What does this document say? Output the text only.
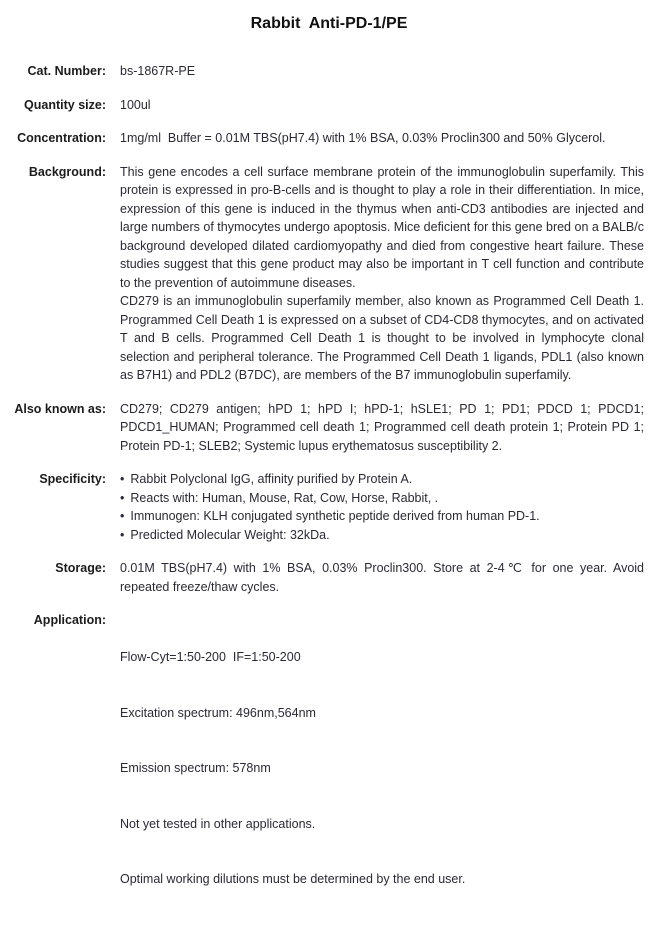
Rabbit  Anti-PD-1/PE
Cat. Number: bs-1867R-PE
Quantity size: 100ul
Concentration: 1mg/ml  Buffer = 0.01M TBS(pH7.4) with 1% BSA, 0.03% Proclin300 and 50% Glycerol.
Background: This gene encodes a cell surface membrane protein of the immunoglobulin superfamily. This protein is expressed in pro-B-cells and is thought to play a role in their differentiation. In mice, expression of this gene is induced in the thymus when anti-CD3 antibodies are injected and large numbers of thymocytes undergo apoptosis. Mice deficient for this gene bred on a BALB/c background developed dilated cardiomyopathy and died from congestive heart failure. These studies suggest that this gene product may also be important in T cell function and contribute to the prevention of autoimmune diseases.

CD279 is an immunoglobulin superfamily member, also known as Programmed Cell Death 1. Programmed Cell Death 1 is expressed on a subset of CD4-CD8 thymocytes, and on activated T and B cells. Programmed Cell Death 1 is thought to be involved in lymphocyte clonal selection and peripheral tolerance. The Programmed Cell Death 1 ligands, PDL1 (also known as B7H1) and PDL2 (B7DC), are members of the B7 immunoglobulin superfamily.

Also known as: CD279; CD279 antigen; hPD 1; hPD I; hPD-1; hSLE1; PD 1; PD1; PDCD 1; PDCD1; PDCD1_HUMAN; Programmed cell death 1; Programmed cell death protein 1; Protein PD 1; Protein PD-1; SLEB2; Systemic lupus erythematosus susceptibility 2.
Specificity:	• Rabbit Polyclonal IgG, affinity purified by Protein A.
• Reacts with: Human, Mouse, Rat, Cow, Horse, Rabbit, .
• Immunogen: KLH conjugated synthetic peptide derived from human PD-1.
• Predicted Molecular Weight: 32kDa.
Storage: 0.01M TBS(pH7.4) with 1% BSA, 0.03% Proclin300. Store at 2-4℃ for one year. Avoid repeated freeze/thaw cycles.
Application:

Flow-Cyt=1:50-200  IF=1:50-200

Excitation spectrum: 496nm,564nm

Emission spectrum: 578nm

Not yet tested in other applications.

Optimal working dilutions must be determined by the end user.
